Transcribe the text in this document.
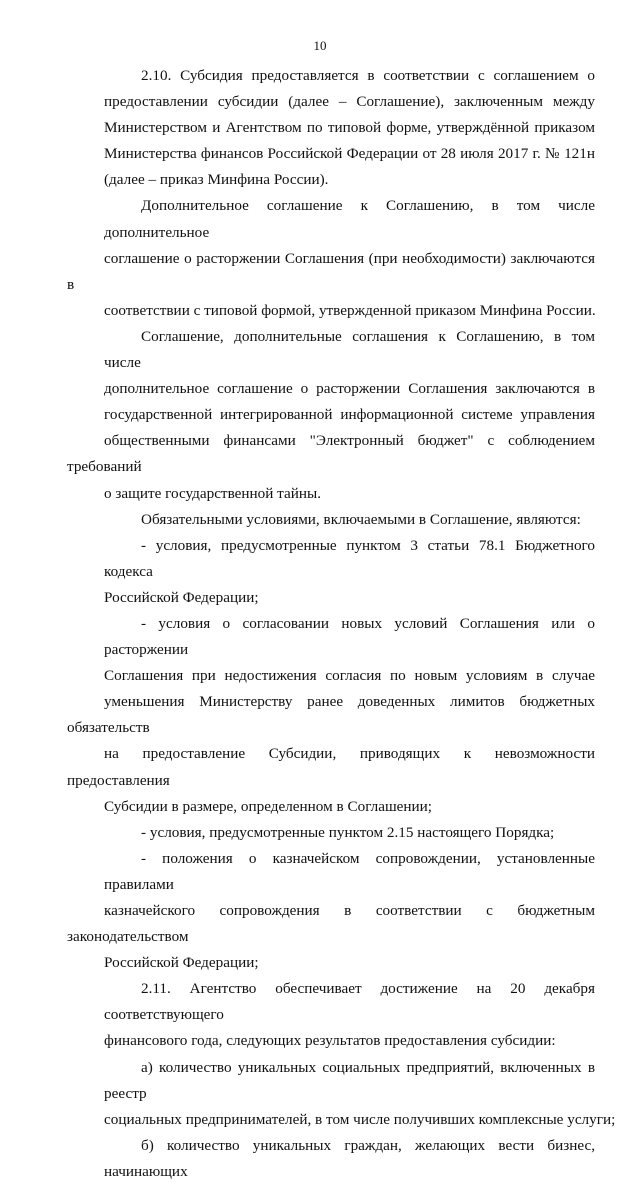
10

2.10. Субсидия предоставляется в соответствии с соглашением о
предоставлении субсидии (далее – Соглашение), заключенным между
Министерством и Агентством по типовой форме, утверждённой приказом
Министерства финансов Российской Федерации от 28 июля 2017 г. № 121н
(далее – приказ Минфина России).

Дополнительное соглашение к Соглашению, в том числе дополнительное
соглашение о расторжении Соглашения (при необходимости) заключаются в
соответствии с типовой формой, утвержденной приказом Минфина России.

Соглашение, дополнительные соглашения к Соглашению, в том числе
дополнительное соглашение о расторжении Соглашения заключаются в
государственной интегрированной информационной системе управления
общественными финансами "Электронный бюджет" с соблюдением требований
о защите государственной тайны.

Обязательными условиями, включаемыми в Соглашение, являются:

- условия, предусмотренные пунктом 3 статьи 78.1 Бюджетного кодекса
Российской Федерации;

- условия о согласовании новых условий Соглашения или о расторжении
Соглашения при недостижения согласия по новым условиям в случае
уменьшения Министерству ранее доведенных лимитов бюджетных обязательств
на предоставление Субсидии, приводящих к невозможности предоставления
Субсидии в размере, определенном в Соглашении;

- условия, предусмотренные пунктом 2.15 настоящего Порядка;

- положения о казначейском сопровождении, установленные правилами
казначейского сопровождения в соответствии с бюджетным законодательством
Российской Федерации;

2.11. Агентство обеспечивает достижение на 20 декабря соответствующего
финансового года, следующих результатов предоставления субсидии:

а) количество уникальных социальных предприятий, включенных в реестр
социальных предпринимателей, в том числе получивших комплексные услуги;

б) количество уникальных граждан, желающих вести бизнес, начинающих
